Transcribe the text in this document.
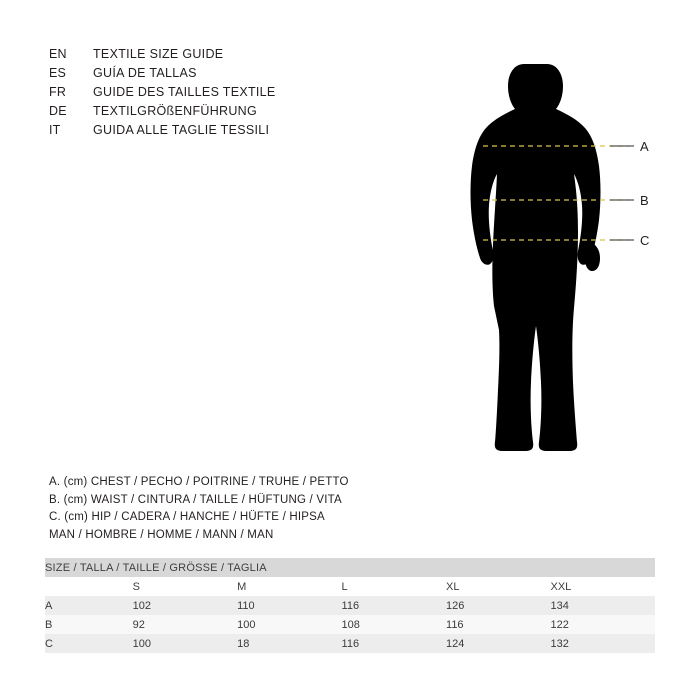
EN	TEXTILE SIZE GUIDE
ES	GUÍA DE TALLAS
FR	GUIDE DES TAILLES TEXTILE
DE	TEXTILGRÖßENFÜHRUNG
IT	GUIDA ALLE TAGLIE TESSILI
A
B
C
A. (cm) CHEST / PECHO / POITRINE / TRUHE / PETTO
B. (cm) WAIST / CINTURA / TAILLE / HÜFTUNG / VITA
C. (cm) HIP / CADERA / HANCHE / HÜFTE / HIPSA
MAN / HOMBRE / HOMME / MANN / MAN
SIZE / TALLA / TAILLE / GRÖSSE / TAGLIA					
	S	M	L	XL	XXL
A	102	110	116	126	134
B	92	100	108	116	122
C	100	18	116	124	132
